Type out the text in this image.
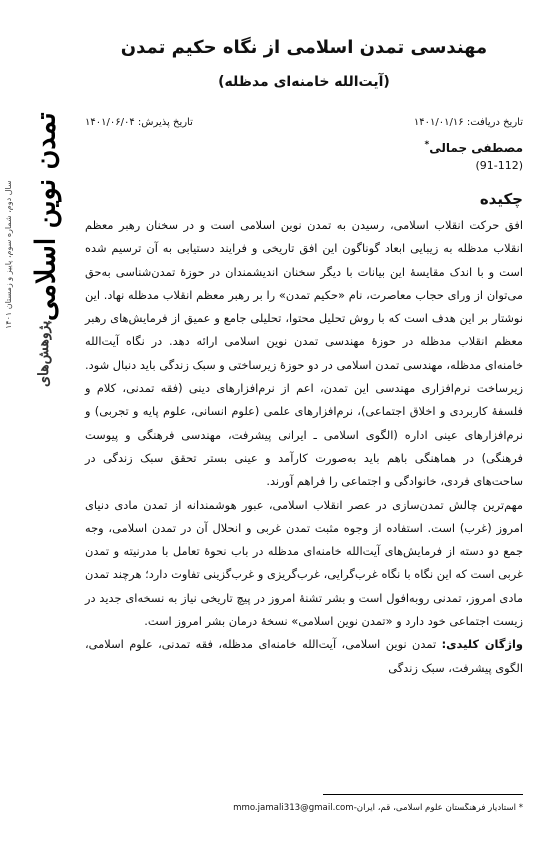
سال دوم، شماره سوم، پاییز و زمستان ۱۴۰۱
پژوهش‌های
تمدن نوین اسلامی
مهندسی تمدن اسلامی از نگاه حکیم تمدن
(آیت‌الله خامنه‌ای مدظله)
تاریخ دریافت: ۱۴۰۱/۰۱/۱۶
تاریخ پذیرش: ۱۴۰۱/۰۶/۰۴
مصطفی جمالی*
(91-112)
چکیده

افق حرکت انقلاب اسلامی، رسیدن به تمدن نوین اسلامی است و در سخنان رهبر معظم انقلاب مدظله به زیبایی ابعاد گوناگون این افق تاریخی و فرایند دستیابی به آن ترسیم شده است و با اندک مقایسهٔ این بیانات با دیگر سخنان اندیشمندان در حوزهٔ تمدن‌شناسی به‌حق می‌توان از ورای حجاب معاصرت، نام «حکیم تمدن» را بر رهبر معظم انقلاب مدظله نهاد. این نوشتار بر این هدف است که با روش تحلیل محتوا، تحلیلی جامع و عمیق از فرمایش‌های رهبر معظم انقلاب مدظله در حوزهٔ مهندسی تمدن نوین اسلامی ارائه دهد. در نگاه آیت‌الله خامنه‌ای مدظله، مهندسی تمدن اسلامی در دو حوزهٔ زیرساختی و سبک زندگی باید دنبال شود. زیرساخت نرم‌افزاری مهندسی این تمدن، اعم از نرم‌افزارهای دینی (فقه تمدنی، کلام و فلسفهٔ کاربردی و اخلاق اجتماعی)، نرم‌افزارهای علمی (علوم انسانی، علوم پایه و تجربی) و نرم‌افزارهای عینی اداره (الگوی اسلامی ـ ایرانی پیشرفت، مهندسی فرهنگی و پیوست فرهنگی) در هماهنگی باهم باید به‌صورت کارآمد و عینی بستر تحقق سبک زندگی در ساحت‌های فردی، خانوادگی و اجتماعی را فراهم آورند.

مهم‌ترین چالش تمدن‌سازی در عصر انقلاب اسلامی، عبور هوشمندانه از تمدن مادی دنیای امروز (غرب) است. استفاده از وجوه مثبت تمدن غربی و انحلال آن در تمدن اسلامی، وجه جمع دو دسته از فرمایش‌های آیت‌الله خامنه‌ای مدظله در باب نحوهٔ تعامل با مدرنیته و تمدن غربی است که این نگاه با نگاه غرب‌گرایی، غرب‌گریزی و غرب‌گزینی تفاوت دارد؛ هرچند تمدن مادی امروز، تمدنی روبه‌افول است و بشر تشنهٔ امروز در پیچ تاریخی نیاز به نسخه‌ای جدید در زیست اجتماعی خود دارد و «تمدن نوین اسلامی» نسخهٔ درمان بشر امروز است.

واژگان کلیدی: تمدن نوین اسلامی، آیت‌الله خامنه‌ای مدظله، فقه تمدنی، علوم اسلامی، الگوی پیشرفت، سبک زندگی

* استادیار فرهنگستان علوم اسلامی، قم، ایران-mmo.jamali313@gmail.com
